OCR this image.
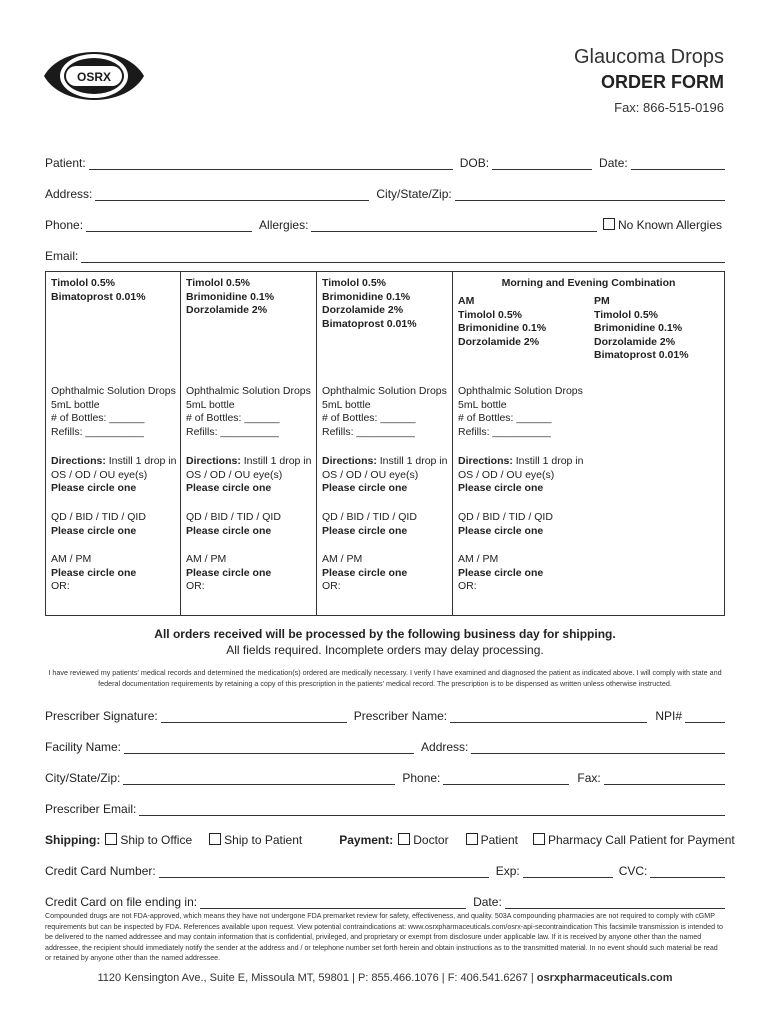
OSRX
Glaucoma Drops
ORDER FORM
Fax: 866-515-0196
Patient:	DOB:	Date:
Address:	City/State/Zip:
Phone:	Allergies:	No Known Allergies
Email:
Timolol 0.5%
Bimatoprost 0.01%
Ophthalmic Solution Drops
5mL bottle
# of Bottles: ______
Refills: __________
Directions: Instill 1 drop in
OS / OD / OU eye(s)
Please circle one
QD / BID / TID / QID
Please circle one
AM / PM
Please circle one
OR:
Timolol 0.5%
Brimonidine 0.1%
Dorzolamide 2%
Ophthalmic Solution Drops
5mL bottle
# of Bottles: ______
Refills: __________
Directions: Instill 1 drop in
OS / OD / OU eye(s)
Please circle one
QD / BID / TID / QID
Please circle one
AM / PM
Please circle one
OR:
Timolol 0.5%
Brimonidine 0.1%
Dorzolamide 2%
Bimatoprost 0.01%
Ophthalmic Solution Drops
5mL bottle
# of Bottles: ______
Refills: __________
Directions: Instill 1 drop in
OS / OD / OU eye(s)
Please circle one
QD / BID / TID / QID
Please circle one
AM / PM
Please circle one
OR:
Morning and Evening Combination
AM
Timolol 0.5%
Brimonidine 0.1%
Dorzolamide 2%
PM
Timolol 0.5%
Brimonidine 0.1%
Dorzolamide 2%
Bimatoprost 0.01%
Ophthalmic Solution Drops
5mL bottle
# of Bottles: ______
Refills: __________
Directions: Instill 1 drop in
OS / OD / OU eye(s)
Please circle one
QD / BID / TID / QID
Please circle one
AM / PM
Please circle one
OR:
All orders received will be processed by the following business day for shipping.
All fields required. Incomplete orders may delay processing.
I have reviewed my patients' medical records and determined the medication(s) ordered are medically necessary. I verify I have examined and diagnosed the patient as indicated above. I will comply with state and federal documentation requirements by retaining a copy of this prescription in the patients' medical record. The prescription is to be dispensed as written unless otherwise instructed.
Prescriber Signature:	Prescriber Name:	NPI#
Facility Name:	Address:
City/State/Zip:	Phone:	Fax:
Prescriber Email:
Shipping:	Ship to Office	Ship to Patient	Payment:	Doctor	Patient	Pharmacy Call Patient for Payment
Credit Card Number:	Exp:	CVC:
Credit Card on file ending in:	Date:
Compounded drugs are not FDA-approved, which means they have not undergone FDA premarket review for safety, effectiveness, and quality. 503A compounding pharmacies are not required to comply with cGMP requirements but can be inspected by FDA. References available upon request. View potential contraindications at: www.osrxpharmaceuticals.com/osrx-api-secontraindication This facsimile transmission is intended to be delivered to the named addressee and may contain information that is confidential, privileged, and proprietary or exempt from disclosure under applicable law. If it is received by anyone other than the named addressee, the recipient should immediately notify the sender at the address and / or telephone number set forth herein and obtain instructions as to the transmitted material. In no event should such material be read or retained by anyone other than the named addressee.
1120 Kensington Ave., Suite E, Missoula MT, 59801 | P: 855.466.1076 | F: 406.541.6267 | osrxpharmaceuticals.com
